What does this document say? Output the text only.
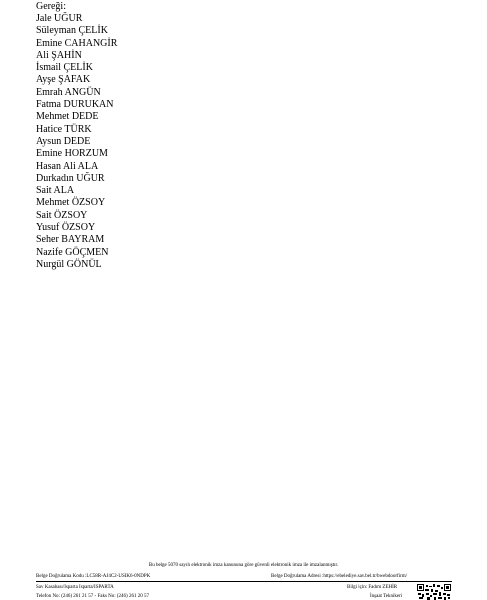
Gereği:
Jale UĞUR
Süleyman ÇELİK
Emine CAHANGİR
Ali ŞAHİN
İsmail ÇELİK
Ayşe ŞAFAK
Emrah ANGÜN
Fatma DURUKAN
Mehmet DEDE
Hatice TÜRK
Aysun DEDE
Emine HORZUM
Hasan Ali ALA
Durkadın UĞUR
Sait ALA
Mehmet ÖZSOY
Sait ÖZSOY
Yusuf ÖZSOY
Seher BAYRAM
Nazife GÖÇMEN
Nurgül GÖNÜL
Bu belge 5070 sayılı elektronik imza kanununa göre güvenli elektronik imza ile imzalanmıştır.
Belge Doğrulama Kodu :LC58R-AJ4C2-USIK6-0NDPK	Belge Doğrulama Adresi :https://ebelediye.sav.bel.tr/bwebdoorfirm/
Sav Kasabası/Isparta Isparta/ISPARTA	Bilgi için: Fadım ZEHİR
Telefon No: (246) 261 21 57 - Faks No: (246) 261 20 57	İnşaat Teknikeri
